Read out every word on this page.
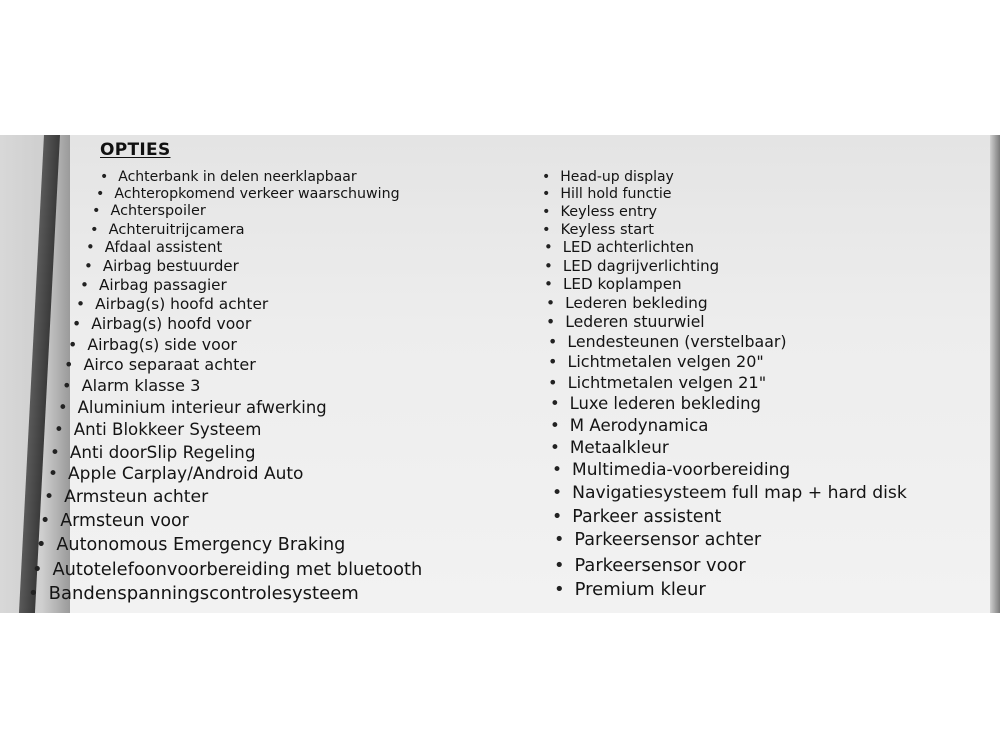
OPTIES
• Achterbank in delen neerklapbaar
• Achteropkomend verkeer waarschuwing
• Achterspoiler
• Achteruitrijcamera
• Afdaal assistent
• Airbag bestuurder
• Airbag passagier
• Airbag(s) hoofd achter
• Airbag(s) hoofd voor
• Airbag(s) side voor
• Airco separaat achter
• Alarm klasse 3
• Aluminium interieur afwerking
• Anti Blokkeer Systeem
• Anti doorSlip Regeling
• Apple Carplay/Android Auto
• Armsteun achter
• Armsteun voor
• Autonomous Emergency Braking
• Autotelefoonvoorbereiding met bluetooth
• Bandenspanningscontrolesysteem
• Head-up display
• Hill hold functie
• Keyless entry
• Keyless start
• LED achterlichten
• LED dagrijverlichting
• LED koplampen
• Lederen bekleding
• Lederen stuurwiel
• Lendesteunen (verstelbaar)
• Lichtmetalen velgen 20"
• Lichtmetalen velgen 21"
• Luxe lederen bekleding
• M Aerodynamica
• Metaalkleur
• Multimedia-voorbereiding
• Navigatiesysteem full map + hard disk
• Parkeer assistent
• Parkeersensor achter
• Parkeersensor voor
• Premium kleur
